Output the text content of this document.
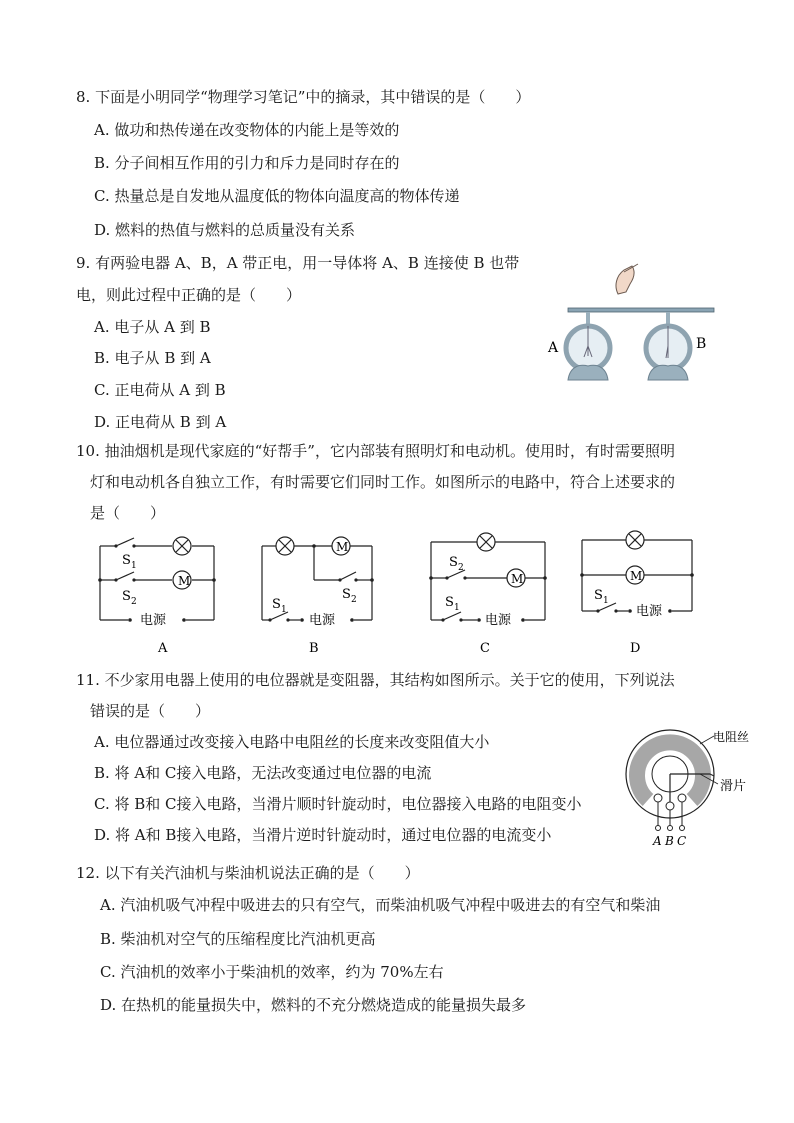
8. 下面是小明同学“物理学习笔记”中的摘录，其中错误的是（　　）
A. 做功和热传递在改变物体的内能上是等效的
B. 分子间相互作用的引力和斥力是同时存在的
C. 热量总是自发地从温度低的物体向温度高的物体传递
D. 燃料的热值与燃料的总质量没有关系
9. 有两验电器 A、B，A 带正电，用一导体将 A、B 连接使 B 也带
电，则此过程中正确的是（　　）
A. 电子从 A 到 B
B. 电子从 B 到 A
C. 正电荷从 A 到 B
D. 正电荷从 B 到 A
A	B
10. 抽油烟机是现代家庭的“好帮手”，它内部装有照明灯和电动机。使用时，有时需要照明
灯和电动机各自独立工作，有时需要它们同时工作。如图所示的电路中，符合上述要求的
是（　　）
M
S 1
S 2
电源
A
M
S 1
S 2
电源
B
M
S 2
S 1
电源
C
M
S 1
电源
D
11. 不少家用电器上使用的电位器就是变阻器，其结构如图所示。关于它的使用，下列说法
错误的是（　　）
A. 电位器通过改变接入电路中电阻丝的长度来改变阻值大小
B. 将 A和 C接入电路，无法改变通过电位器的电流
C. 将 B和 C接入电路，当滑片顺时针旋动时，电位器接入电路的电阻变小
D. 将 A和 B接入电路，当滑片逆时针旋动时，通过电位器的电流变小
电阻丝
滑片
A B C
12. 以下有关汽油机与柴油机说法正确的是（　　）
A. 汽油机吸气冲程中吸进去的只有空气，而柴油机吸气冲程中吸进去的有空气和柴油
B. 柴油机对空气的压缩程度比汽油机更高
C. 汽油机的效率小于柴油机的效率，约为 70%左右
D. 在热机的能量损失中，燃料的不充分燃烧造成的能量损失最多
